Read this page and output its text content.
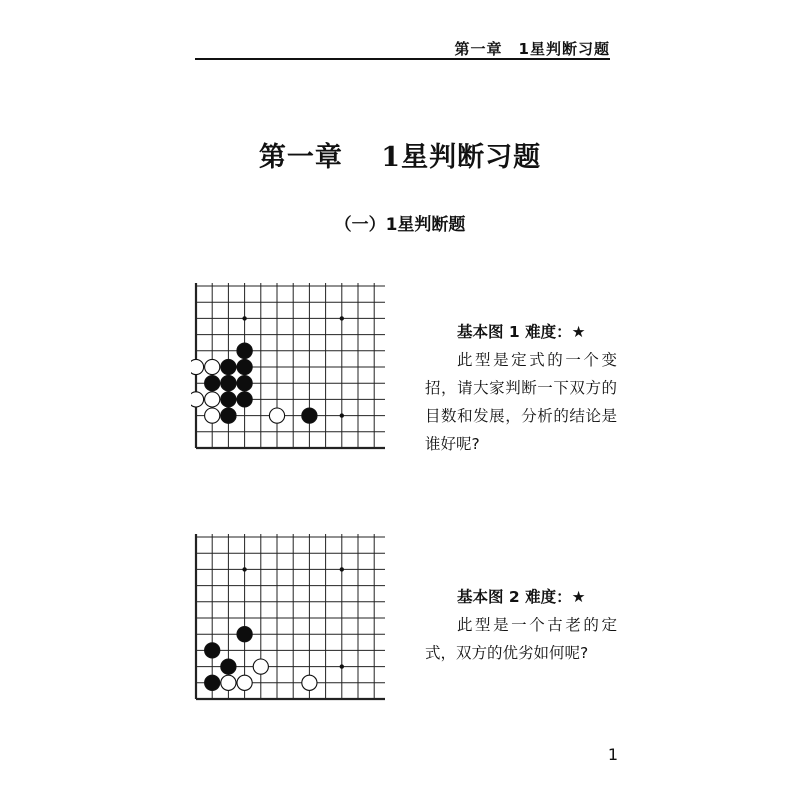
第一章　1星判断习题
第一章　 1星判断习题
（一）1星判断题
基本图 1 难度：★
此型是定式的一个变招，请大家判断一下双方的目数和发展，分析的结论是谁好呢?
基本图 2 难度：★
此型是一个古老的定式，双方的优劣如何呢?
1
